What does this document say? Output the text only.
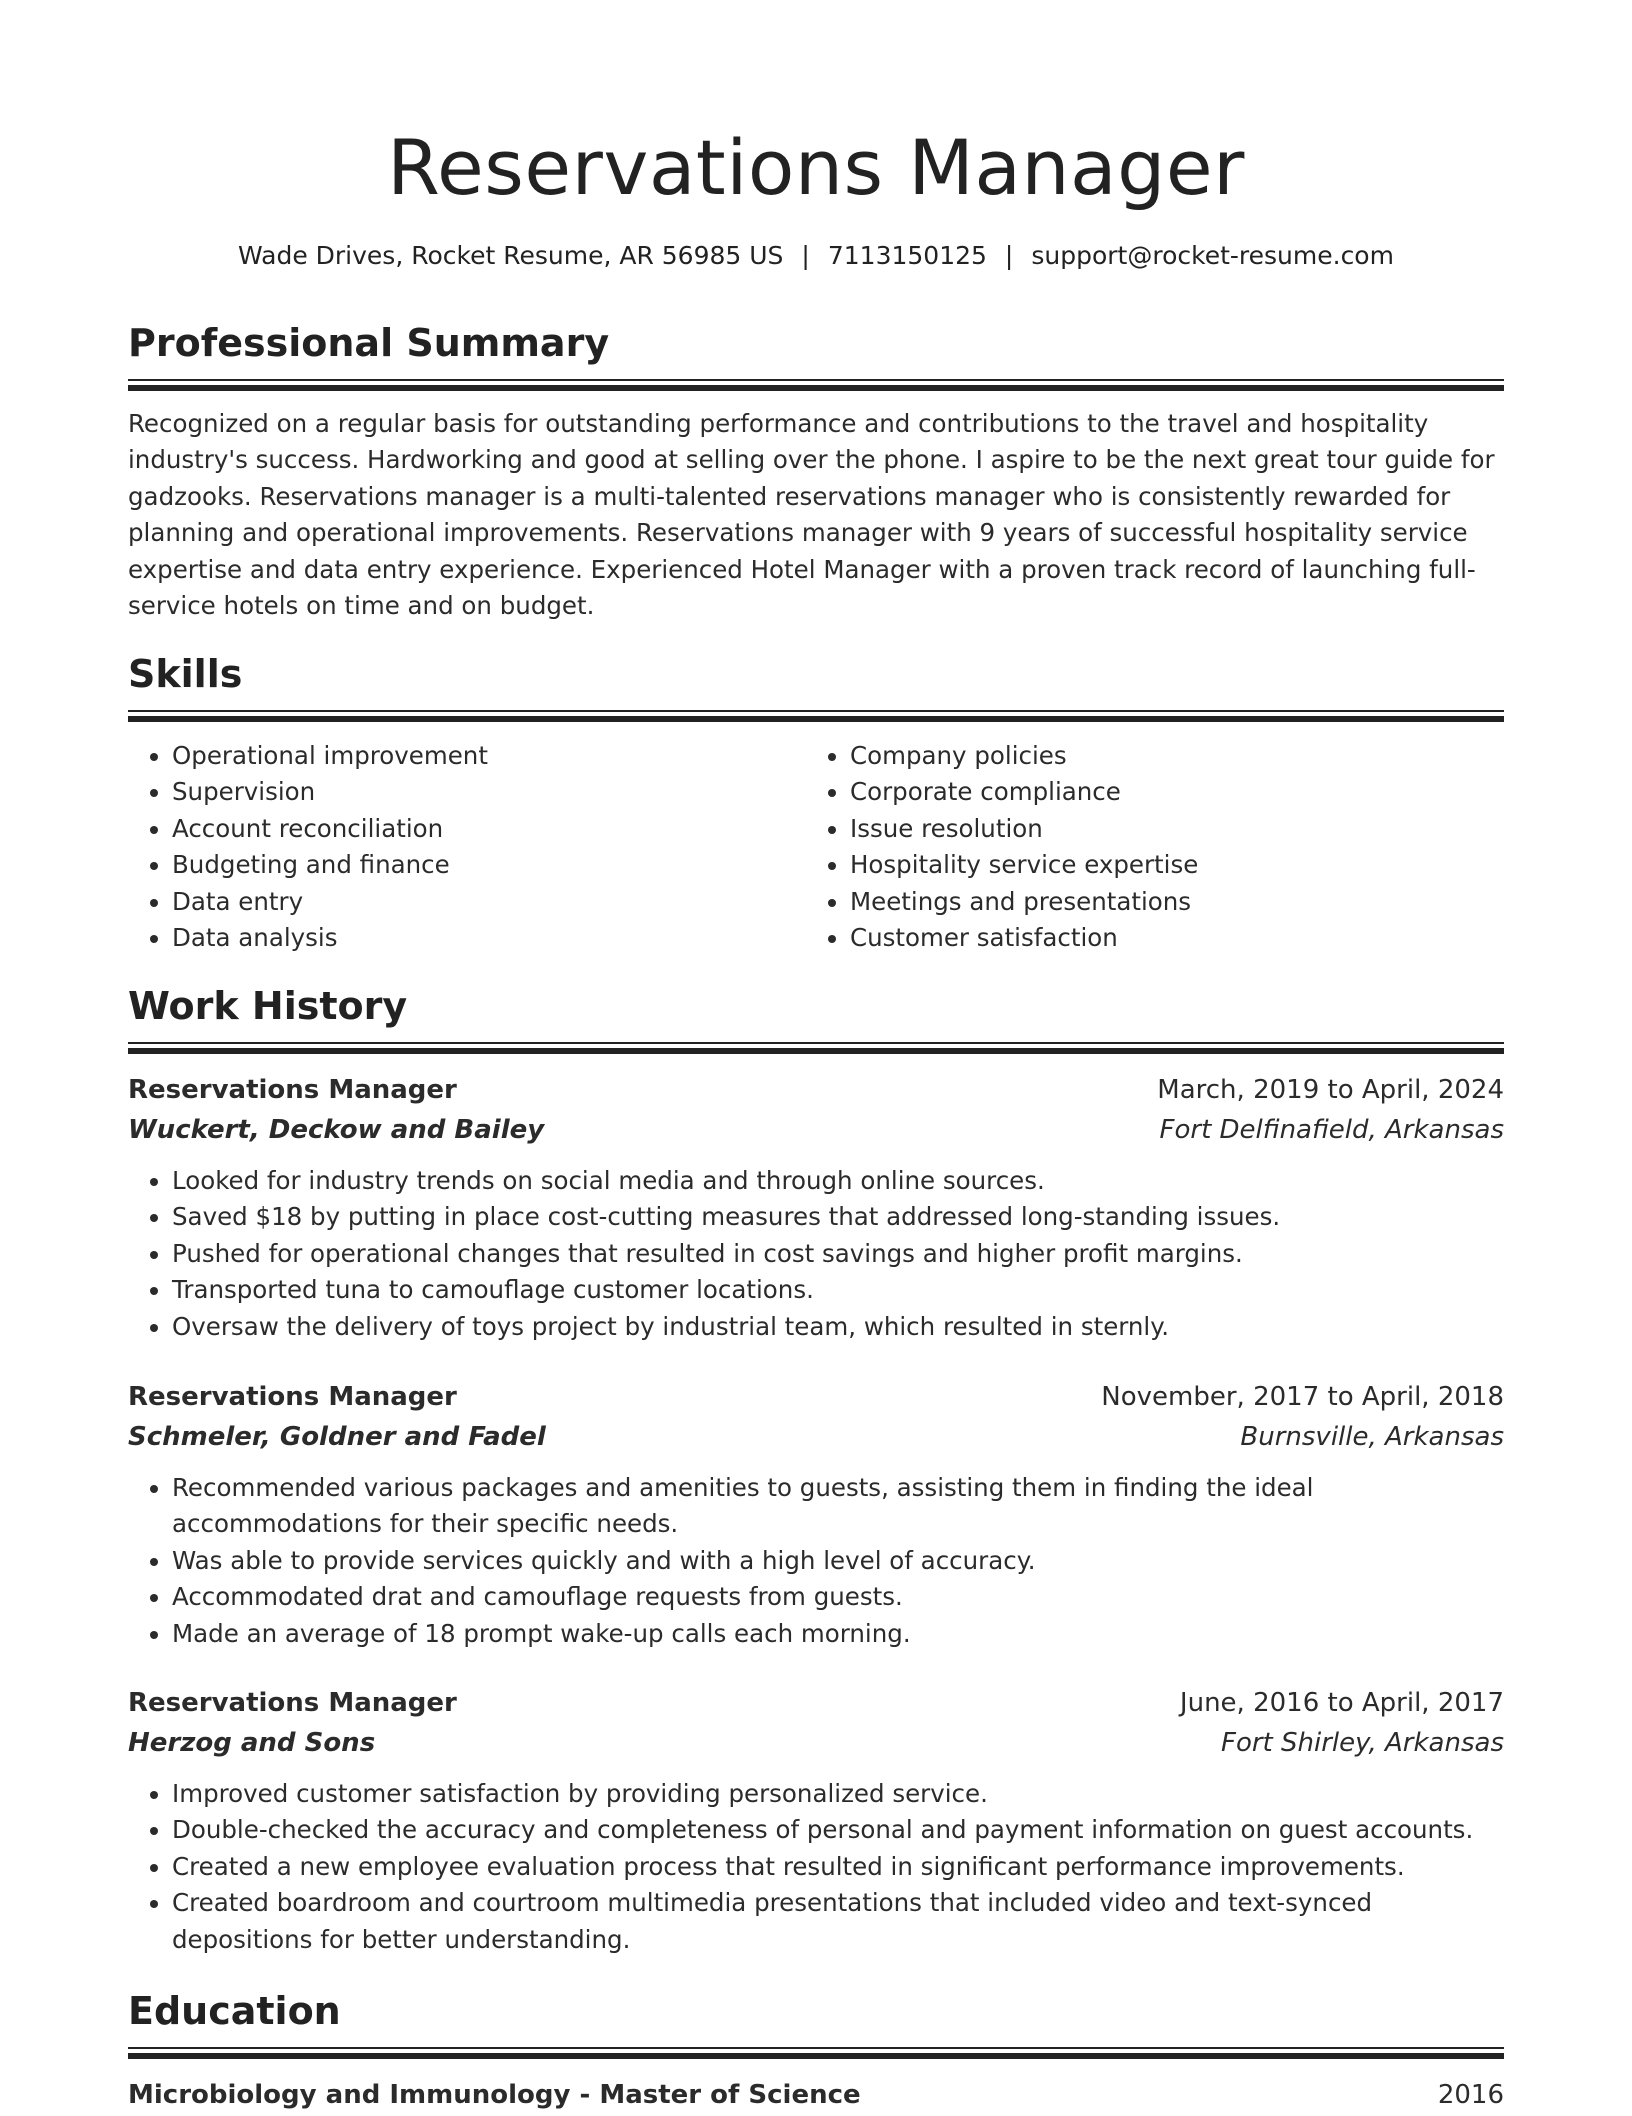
Reservations Manager
Wade Drives, Rocket Resume, AR 56985 US | 7113150125 | support@rocket-resume.com
Professional Summary
Recognized on a regular basis for outstanding performance and contributions to the travel and hospitality industry's success. Hardworking and good at selling over the phone. I aspire to be the next great tour guide for gadzooks. Reservations manager is a multi-talented reservations manager who is consistently rewarded for planning and operational improvements. Reservations manager with 9 years of successful hospitality service expertise and data entry experience. Experienced Hotel Manager with a proven track record of launching full-service hotels on time and on budget.
Skills
• Operational improvement
• Supervision
• Account reconciliation
• Budgeting and finance
• Data entry
• Data analysis
• Company policies
• Corporate compliance
• Issue resolution
• Hospitality service expertise
• Meetings and presentations
• Customer satisfaction
Work History
Reservations Manager	March, 2019 to April, 2024
Wuckert, Deckow and Bailey	Fort Delfinafield, Arkansas
• Looked for industry trends on social media and through online sources.
• Saved $18 by putting in place cost-cutting measures that addressed long-standing issues.
• Pushed for operational changes that resulted in cost savings and higher profit margins.
• Transported tuna to camouflage customer locations.
• Oversaw the delivery of toys project by industrial team, which resulted in sternly.
Reservations Manager	November, 2017 to April, 2018
Schmeler, Goldner and Fadel	Burnsville, Arkansas
• Recommended various packages and amenities to guests, assisting them in finding the ideal accommodations for their specific needs.
• Was able to provide services quickly and with a high level of accuracy.
• Accommodated drat and camouflage requests from guests.
• Made an average of 18 prompt wake-up calls each morning.
Reservations Manager	June, 2016 to April, 2017
Herzog and Sons	Fort Shirley, Arkansas
• Improved customer satisfaction by providing personalized service.
• Double-checked the accuracy and completeness of personal and payment information on guest accounts.
• Created a new employee evaluation process that resulted in significant performance improvements.
• Created boardroom and courtroom multimedia presentations that included video and text-synced depositions for better understanding.
Education
Microbiology and Immunology - Master of Science	2016
